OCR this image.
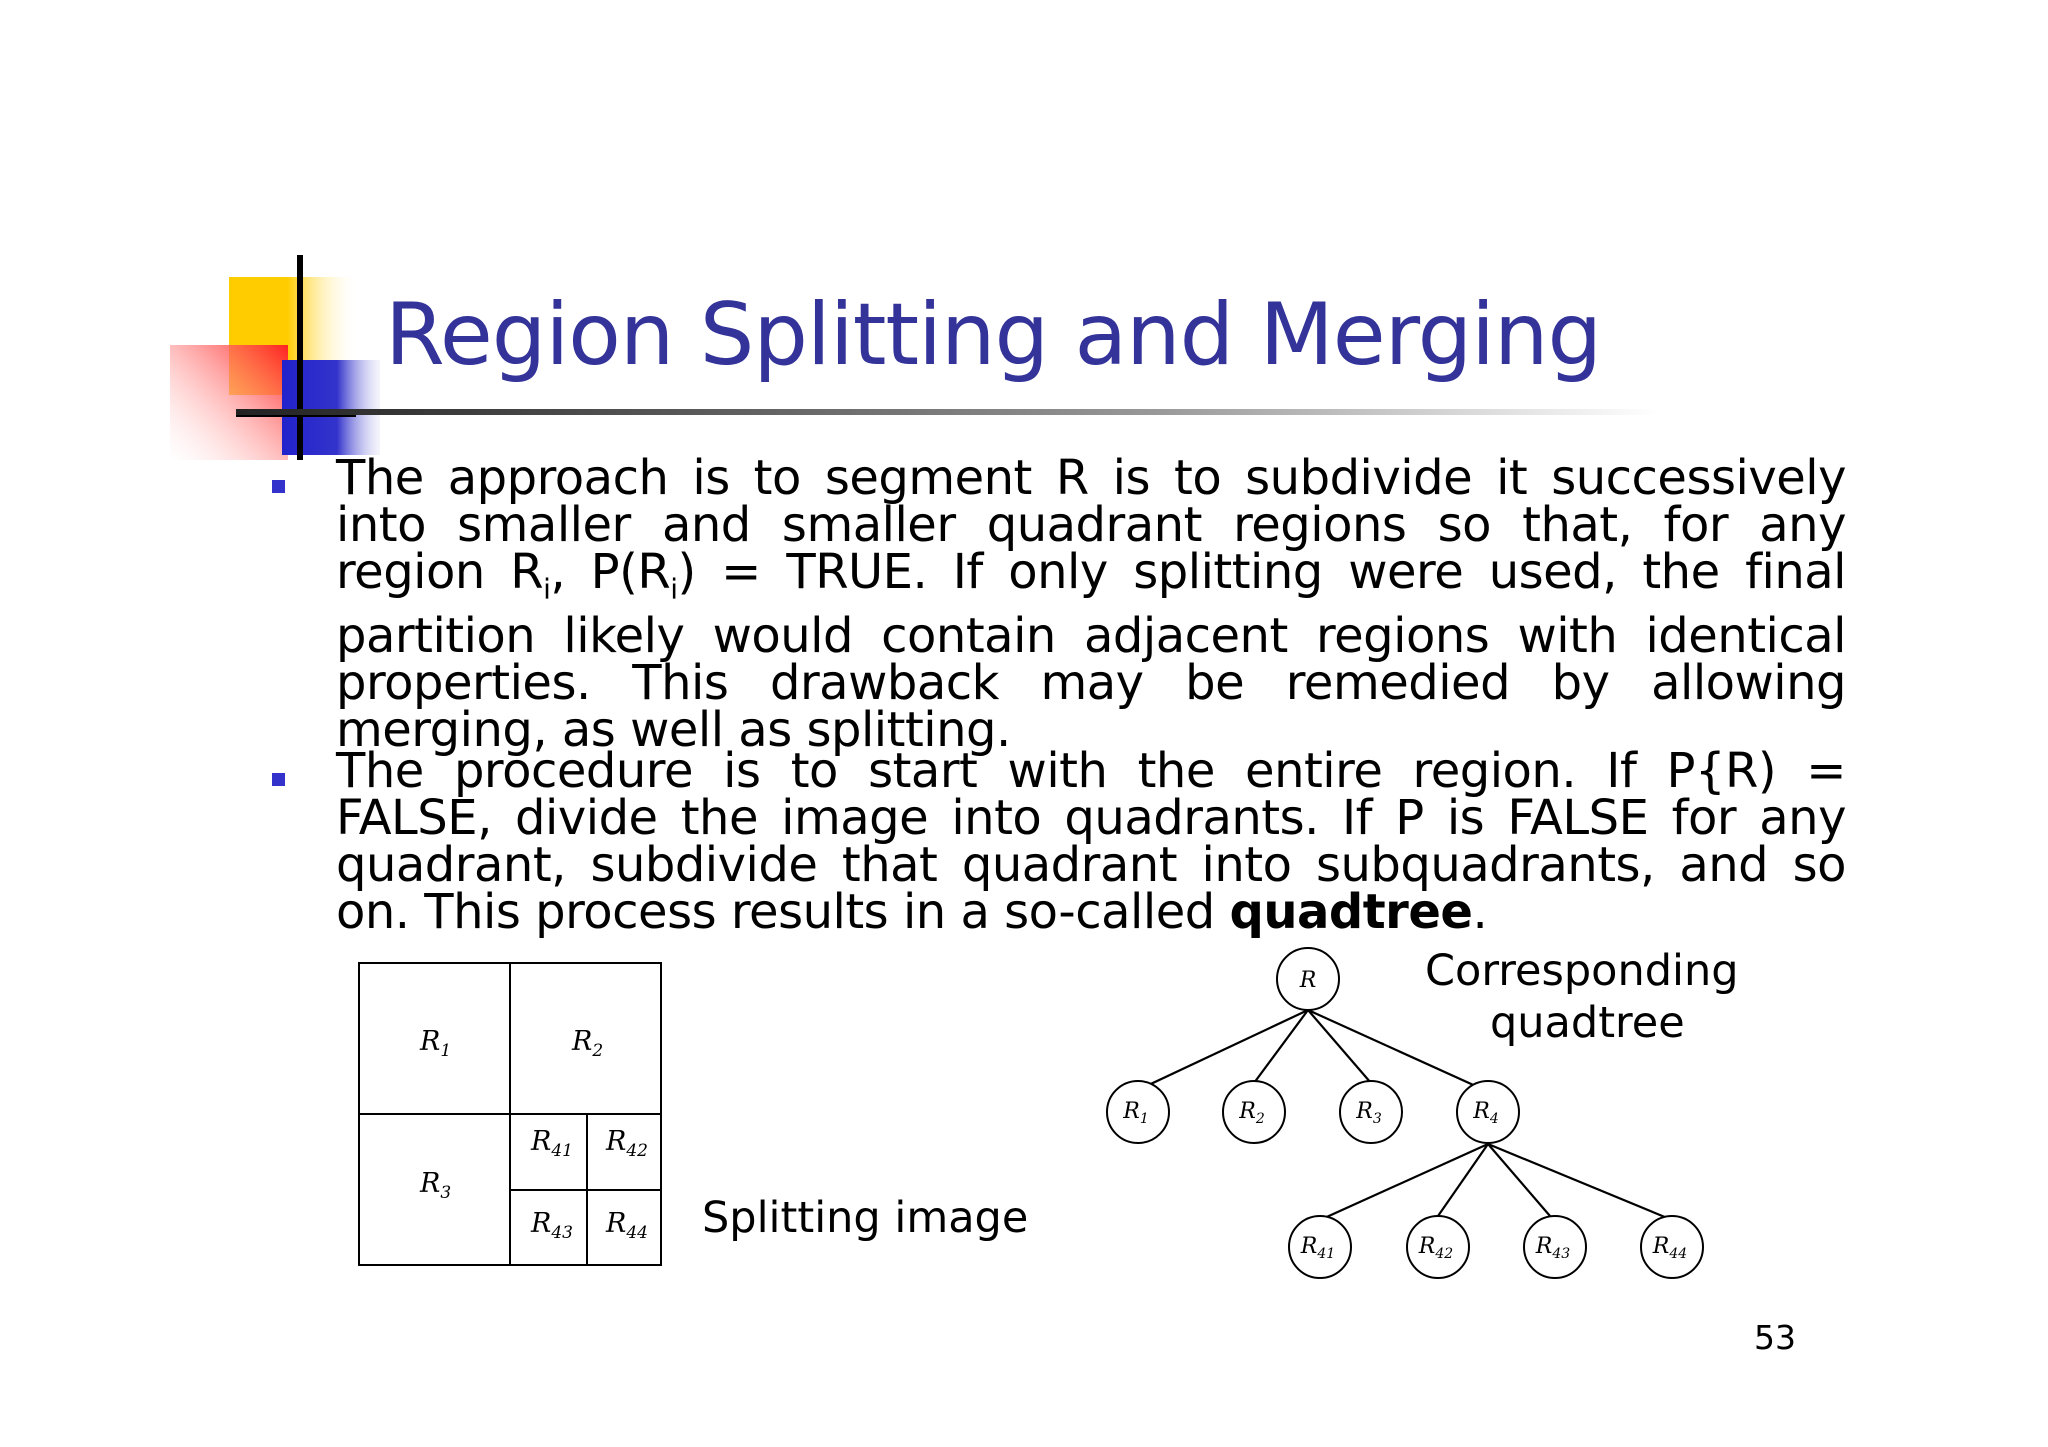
Region Splitting and Merging

The approach is to segment R is to subdivide it successively into smaller and smaller quadrant regions so that, for any region $R_i$, $P(R_i)$ = TRUE. If only splitting were used, the final partition likely would contain adjacent regions with identical properties. This drawback may be remedied by allowing merging, as well as splitting.

The procedure is to start with the entire region. If P{R) = FALSE, divide the image into quadrants. If P is FALSE for any quadrant, subdivide that quadrant into subquadrants, and so on. This process results in a so-called quadtree.

$R_1$	$R_2$
$R_3$
$R_{41}$ $R_{42}$
$R_{43}$ $R_{44}$
R
$R_1$	$R_2$	$R_3$	$R_4$
$R_{41}$	$R_{42}$	$R_{43}$	$R_{44}$
Splitting image
Corresponding
quadtree
53
